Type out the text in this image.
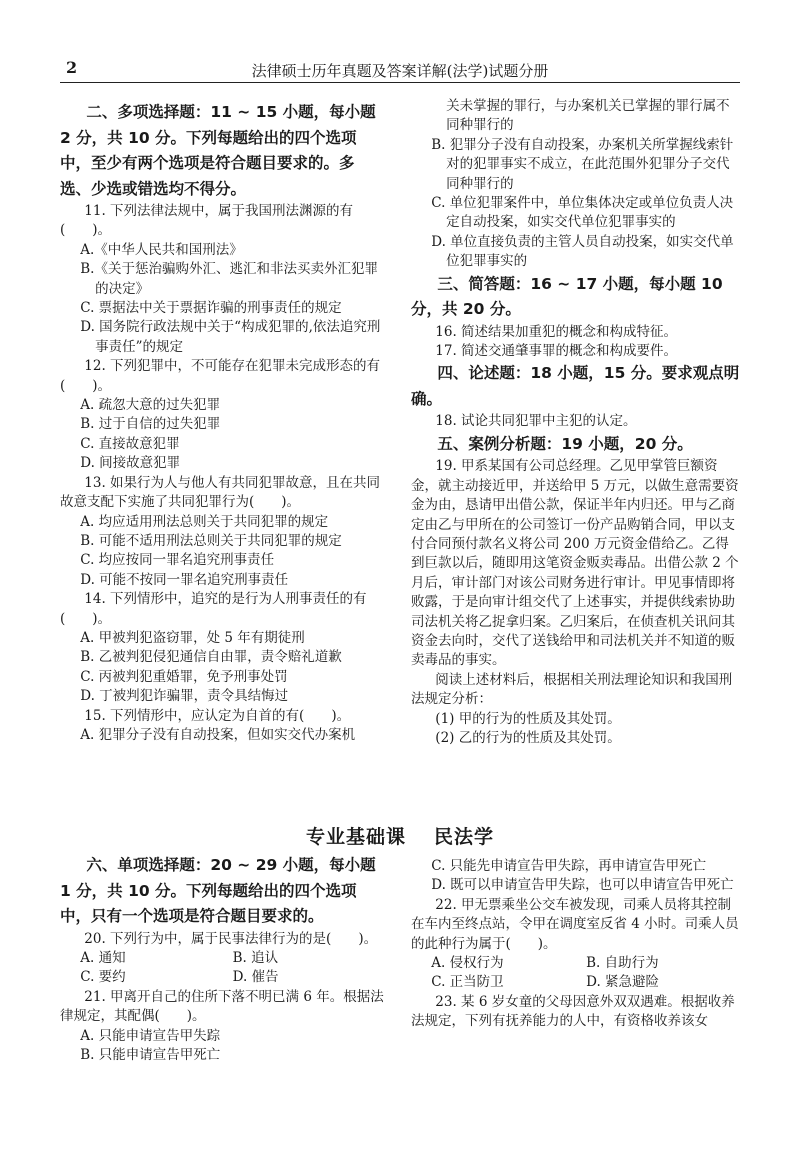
2	法律硕士历年真题及答案详解(法学)试题分册

二、多项选择题：11 ~ 15 小题，每小题 2 分，共 10 分。下列每题给出的四个选项中，至少有两个选项是符合题目要求的。多选、少选或错选均不得分。

11. 下列法律法规中，属于我国刑法渊源的有(　　)。

A.《中华人民共和国刑法》

B.《关于惩治骗购外汇、逃汇和非法买卖外汇犯罪的决定》

C. 票据法中关于票据诈骗的刑事责任的规定

D. 国务院行政法规中关于“构成犯罪的,依法追究刑事责任”的规定

12. 下列犯罪中，不可能存在犯罪未完成形态的有(　　)。

A. 疏忽大意的过失犯罪

B. 过于自信的过失犯罪

C. 直接故意犯罪

D. 间接故意犯罪

13. 如果行为人与他人有共同犯罪故意，且在共同故意支配下实施了共同犯罪行为(　　)。

A. 均应适用刑法总则关于共同犯罪的规定

B. 可能不适用刑法总则关于共同犯罪的规定

C. 均应按同一罪名追究刑事责任

D. 可能不按同一罪名追究刑事责任

14. 下列情形中，追究的是行为人刑事责任的有(　　)。

A. 甲被判犯盗窃罪，处 5 年有期徒刑

B. 乙被判犯侵犯通信自由罪，责令赔礼道歉

C. 丙被判犯重婚罪，免予刑事处罚

D. 丁被判犯诈骗罪，责令具结悔过

15. 下列情形中，应认定为自首的有(　　)。

A. 犯罪分子没有自动投案，但如实交代办案机

关未掌握的罪行，与办案机关已掌握的罪行属不同种罪行的

B. 犯罪分子没有自动投案，办案机关所掌握线索针对的犯罪事实不成立，在此范围外犯罪分子交代同种罪行的

C. 单位犯罪案件中，单位集体决定或单位负责人决定自动投案，如实交代单位犯罪事实的

D. 单位直接负责的主管人员自动投案，如实交代单位犯罪事实的

三、简答题：16 ~ 17 小题，每小题 10 分，共 20 分。

16. 简述结果加重犯的概念和构成特征。

17. 简述交通肇事罪的概念和构成要件。

四、论述题：18 小题，15 分。要求观点明确。

18. 试论共同犯罪中主犯的认定。

五、案例分析题：19 小题，20 分。

19. 甲系某国有公司总经理。乙见甲掌管巨额资金，就主动接近甲，并送给甲 5 万元，以做生意需要资金为由，恳请甲出借公款，保证半年内归还。甲与乙商定由乙与甲所在的公司签订一份产品购销合同，甲以支付合同预付款名义将公司 200 万元资金借给乙。乙得到巨款以后，随即用这笔资金贩卖毒品。出借公款 2 个月后，审计部门对该公司财务进行审计。甲见事情即将败露，于是向审计组交代了上述事实，并提供线索协助司法机关将乙捉拿归案。乙归案后，在侦查机关讯问其资金去向时，交代了送钱给甲和司法机关并不知道的贩卖毒品的事实。

阅读上述材料后，根据相关刑法理论知识和我国刑法规定分析：

(1) 甲的行为的性质及其处罚。

(2) 乙的行为的性质及其处罚。

专业基础课 民法学

六、单项选择题：20 ~ 29 小题，每小题 1 分，共 10 分。下列每题给出的四个选项中，只有一个选项是符合题目要求的。

20. 下列行为中，属于民事法律行为的是(　　)。

A. 通知	B. 追认
C. 要约	D. 催告

21. 甲离开自己的住所下落不明已满 6 年。根据法律规定，其配偶(　　)。

A. 只能申请宣告甲失踪

B. 只能申请宣告甲死亡

C. 只能先申请宣告甲失踪，再申请宣告甲死亡

D. 既可以申请宣告甲失踪，也可以申请宣告甲死亡

22. 甲无票乘坐公交车被发现，司乘人员将其控制在车内至终点站，令甲在调度室反省 4 小时。司乘人员的此种行为属于(　　)。

A. 侵权行为	B. 自助行为
C. 正当防卫	D. 紧急避险

23. 某 6 岁女童的父母因意外双双遇难。根据收养法规定，下列有抚养能力的人中，有资格收养该女
